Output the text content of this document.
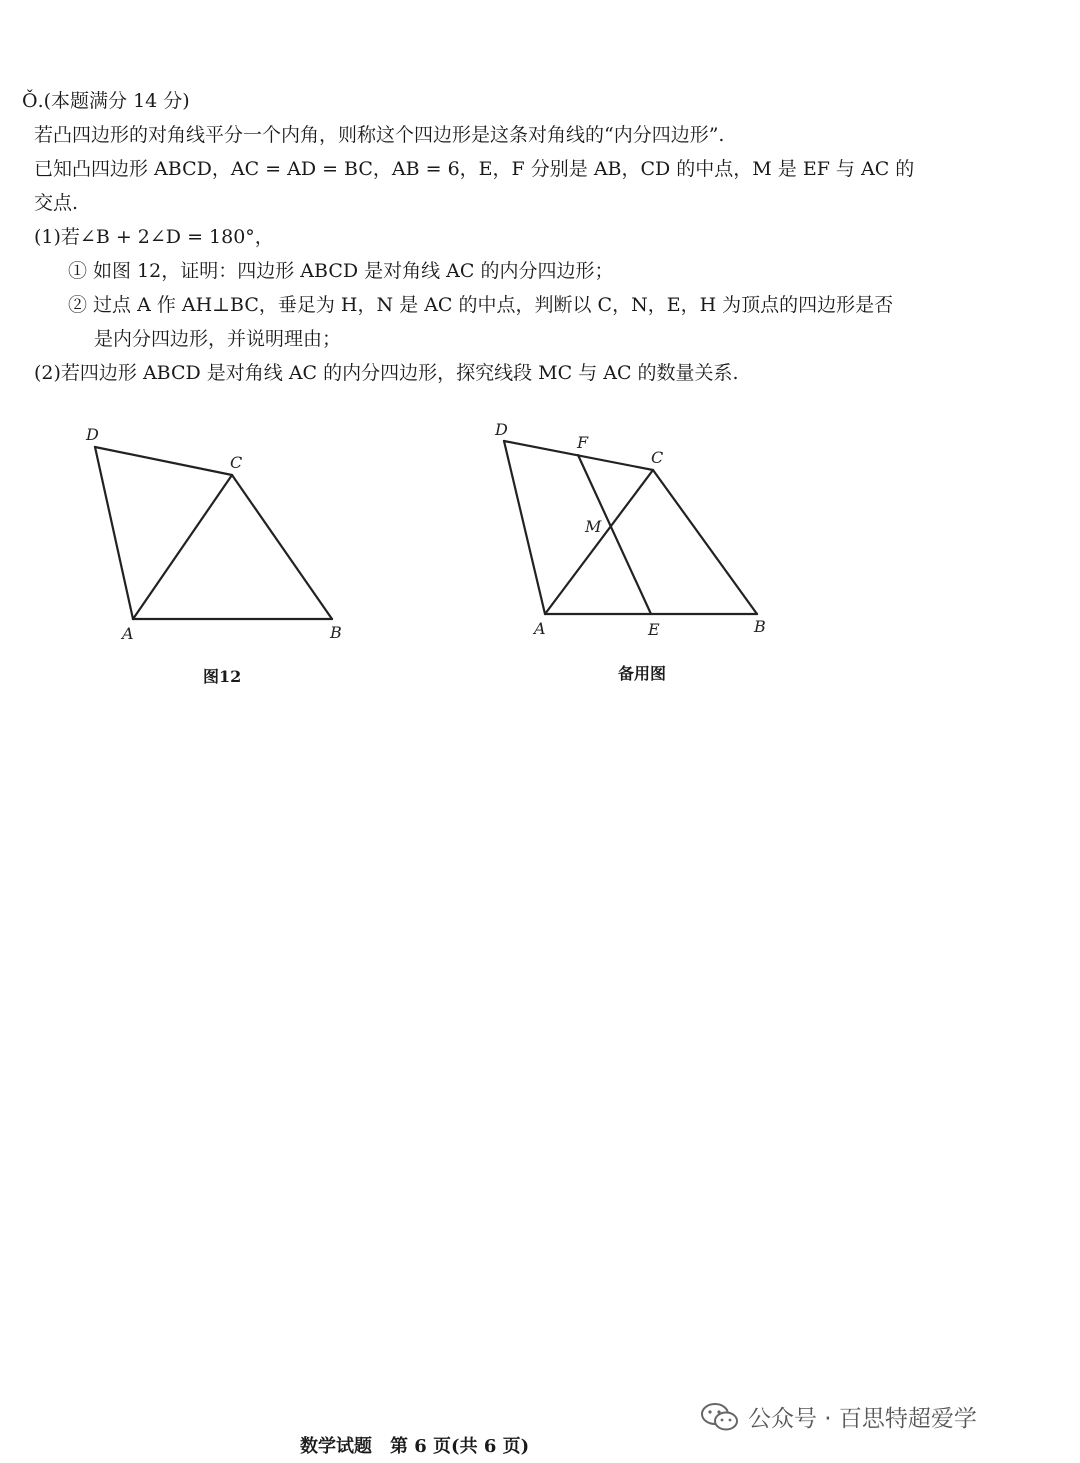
Ǒ.(本题满分 14 分)
若凸四边形的对角线平分一个内角，则称这个四边形是这条对角线的“内分四边形”.
已知凸四边形 ABCD，AC = AD = BC，AB = 6，E，F 分别是 AB，CD 的中点，M 是 EF 与 AC 的
交点.
(1)若∠B + 2∠D = 180°，
① 如图 12，证明：四边形 ABCD 是对角线 AC 的内分四边形；
② 过点 A 作 AH⊥BC，垂足为 H，N 是 AC 的中点，判断以 C，N，E，H 为顶点的四边形是否
是内分四边形，并说明理由；
(2)若四边形 ABCD 是对角线 AC 的内分四边形，探究线段 MC 与 AC 的数量关系.
D
C
A	B
图12
D
F
C
M
A	E	B
备用图
公众号 · 百思特超爱学
数学试题　第 6 页(共 6 页)
